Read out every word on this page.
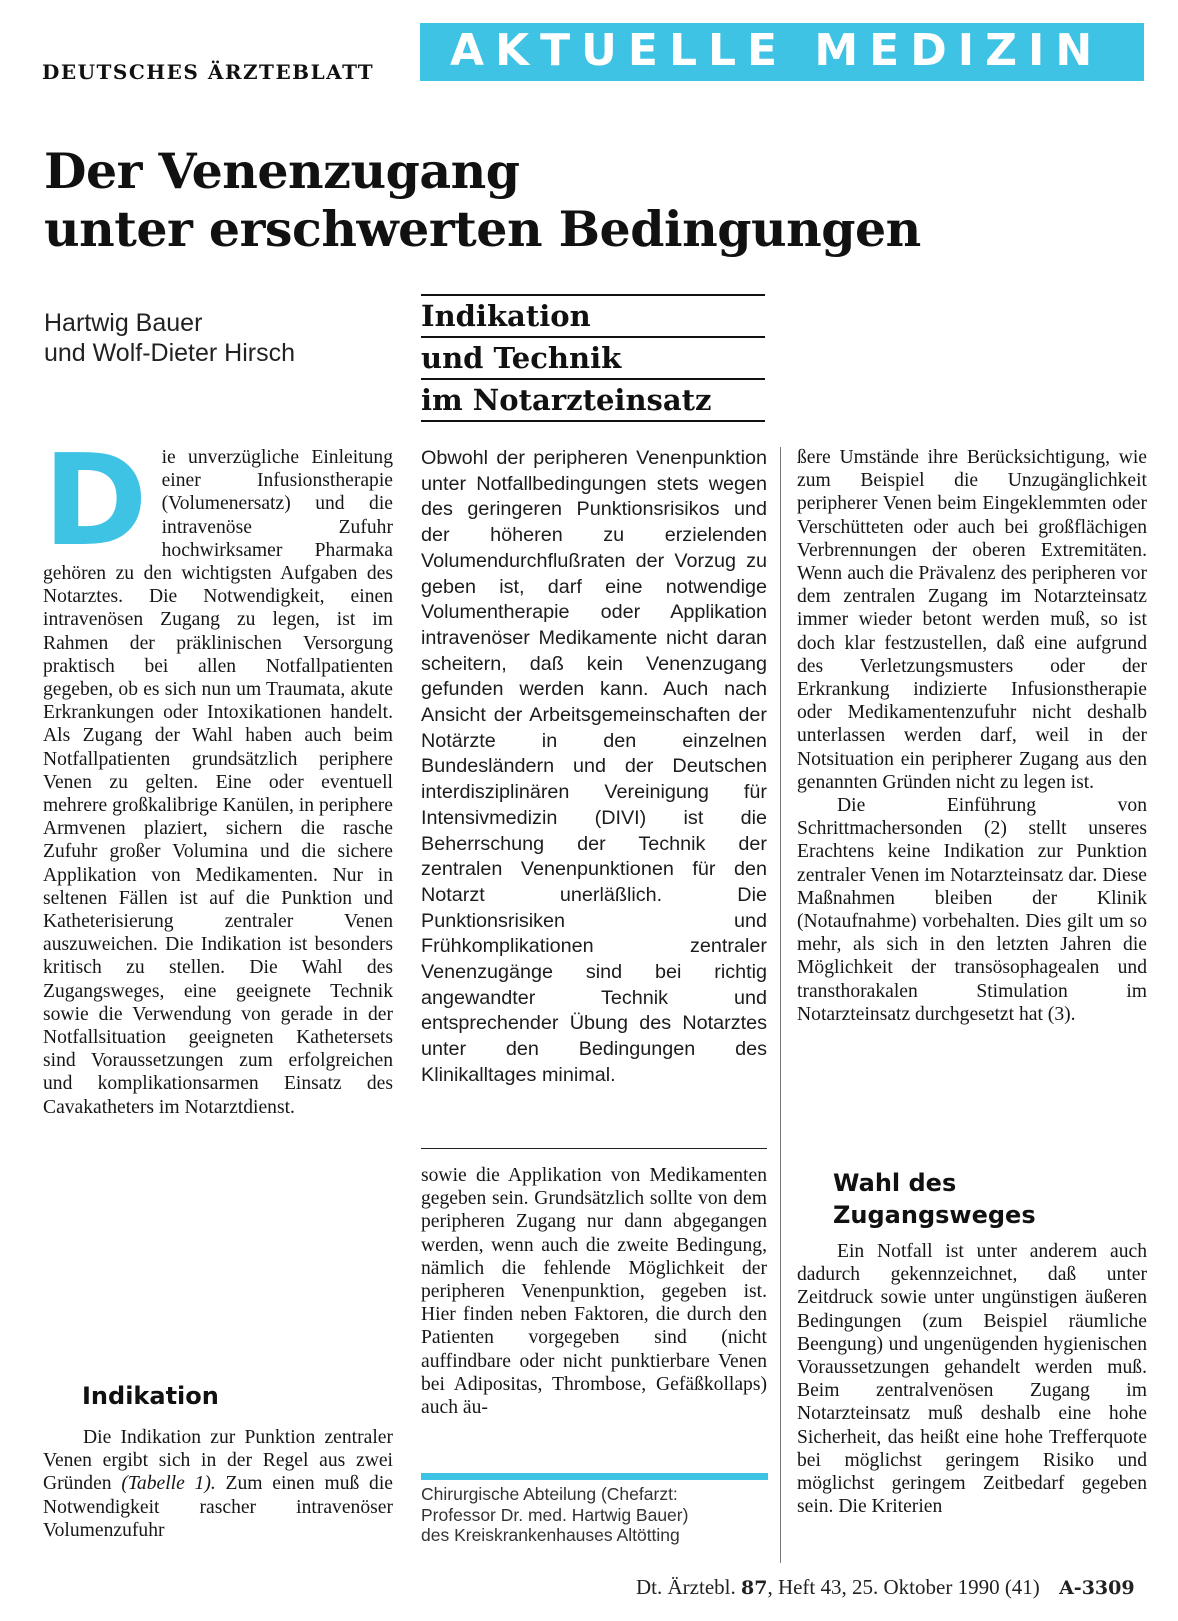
DEUTSCHES ÄRZTEBLATT AKTUELLE MEDIZIN
Der Venenzugang
unter erschwerten Bedingungen
Hartwig Bauer
und Wolf-Dieter Hirsch
Indikation
und Technik
im Notarzteinsatz
D ie unverzügliche Einleitung einer Infusionstherapie (Volumenersatz) und die intravenöse Zufuhr hochwirksamer Pharmaka gehören zu den wichtigsten Aufgaben des Notarztes. Die Notwendigkeit, einen intravenösen Zugang zu legen, ist im Rahmen der präklinischen Versorgung praktisch bei allen Notfallpatienten gegeben, ob es sich nun um Traumata, akute Erkrankungen oder Intoxikationen handelt. Als Zugang der Wahl haben auch beim Notfallpatienten grundsätzlich periphere Venen zu gelten. Eine oder eventuell mehrere großkalibrige Kanülen, in periphere Armvenen plaziert, sichern die rasche Zufuhr großer Volumina und die sichere Applikation von Medikamenten. Nur in seltenen Fällen ist auf die Punktion und Katheterisierung zentraler Venen auszuweichen. Die Indikation ist besonders kritisch zu stellen. Die Wahl des Zugangsweges, eine geeignete Technik sowie die Verwendung von gerade in der Notfallsituation geeigneten Kathetersets sind Voraussetzungen zum erfolgreichen und komplikationsarmen Einsatz des Cavakatheters im Notarztdienst.

Indikation

Die Indikation zur Punktion zentraler Venen ergibt sich in der Regel aus zwei Gründen (Tabelle 1). Zum einen muß die Notwendigkeit rascher intravenöser Volumenzufuhr

Obwohl der peripheren Venenpunktion unter Notfallbedingungen stets wegen des geringeren Punktionsrisikos und der höheren zu erzielenden Volumendurchflußraten der Vorzug zu geben ist, darf eine notwendige Volumentherapie oder Applikation intravenöser Medikamente nicht daran scheitern, daß kein Venenzugang gefunden werden kann. Auch nach Ansicht der Arbeitsgemeinschaften der Notärzte in den einzelnen Bundesländern und der Deutschen interdisziplinären Vereinigung für Intensivmedizin (DIVI) ist die Beherrschung der Technik der zentralen Venenpunktionen für den Notarzt unerläßlich. Die Punktionsrisiken und Frühkomplikationen zentraler Venenzugänge sind bei richtig angewandter Technik und entsprechender Übung des Notarztes unter den Bedingungen des Klinikalltages minimal.

sowie die Applikation von Medikamenten gegeben sein. Grundsätzlich sollte von dem peripheren Zugang nur dann abgegangen werden, wenn auch die zweite Bedingung, nämlich die fehlende Möglichkeit der peripheren Venenpunktion, gegeben ist. Hier finden neben Faktoren, die durch den Patienten vorgegeben sind (nicht auffindbare oder nicht punktierbare Venen bei Adipositas, Thrombose, Gefäßkollaps) auch äu-

Chirurgische Abteilung (Chefarzt:
Professor Dr. med. Hartwig Bauer)
des Kreiskrankenhauses Altötting

ßere Umstände ihre Berücksichtigung, wie zum Beispiel die Unzugänglichkeit peripherer Venen beim Eingeklemmten oder Verschütteten oder auch bei großflächigen Verbrennungen der oberen Extremitäten. Wenn auch die Prävalenz des peripheren vor dem zentralen Zugang im Notarzteinsatz immer wieder betont werden muß, so ist doch klar festzustellen, daß eine aufgrund des Verletzungsmusters oder der Erkrankung indizierte Infusionstherapie oder Medikamentenzufuhr nicht deshalb unterlassen werden darf, weil in der Notsituation ein peripherer Zugang aus den genannten Gründen nicht zu legen ist.

Die Einführung von Schrittmachersonden (2) stellt unseres Erachtens keine Indikation zur Punktion zentraler Venen im Notarzteinsatz dar. Diese Maßnahmen bleiben der Klinik (Notaufnahme) vorbehalten. Dies gilt um so mehr, als sich in den letzten Jahren die Möglichkeit der transösophagealen und transthorakalen Stimulation im Notarzteinsatz durchgesetzt hat (3).

Wahl des
Zugangsweges

Ein Notfall ist unter anderem auch dadurch gekennzeichnet, daß unter Zeitdruck sowie unter ungünstigen äußeren Bedingungen (zum Beispiel räumliche Beengung) und ungenügenden hygienischen Voraussetzungen gehandelt werden muß. Beim zentralvenösen Zugang im Notarzteinsatz muß deshalb eine hohe Sicherheit, das heißt eine hohe Trefferquote bei möglichst geringem Risiko und möglichst geringem Zeitbedarf gegeben sein. Die Kriterien

Dt. Ärztebl. 87, Heft 43, 25. Oktober 1990 (41) A-3309
